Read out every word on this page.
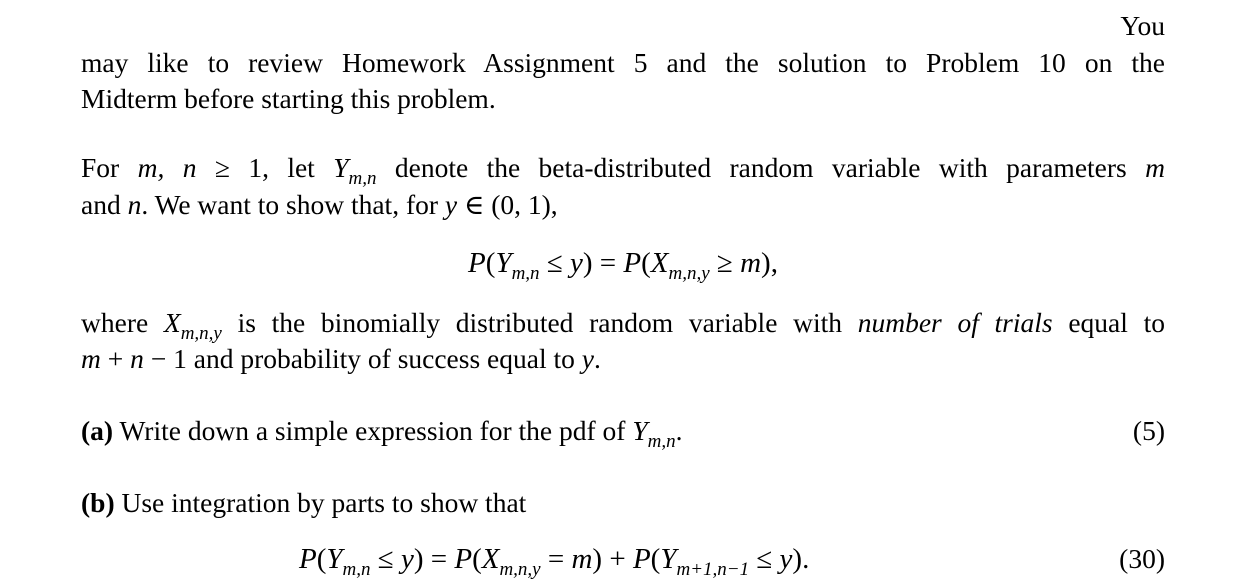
You
may like to review Homework Assignment 5 and the solution to Problem 10 on the
Midterm before starting this problem.
For m, n ≥ 1, let $Y_{m,n}$ denote the beta-distributed random variable with parameters m
and n. We want to show that, for y ∈ (0, 1),
$P(Y_{m,n} \le y) = P(X_{m,n,y} \ge m)$,
where $X_{m,n,y}$ is the binomially distributed random variable with number of trials equal to
m + n − 1 and probability of success equal to y.
(a) Write down a simple expression for the pdf of $Y_{m,n}$.	(5)
(b) Use integration by parts to show that
$P(Y_{m,n} \le y) = P(X_{m,n,y} = m) + P(Y_{m+1,n-1} \le y)$.	(30)
